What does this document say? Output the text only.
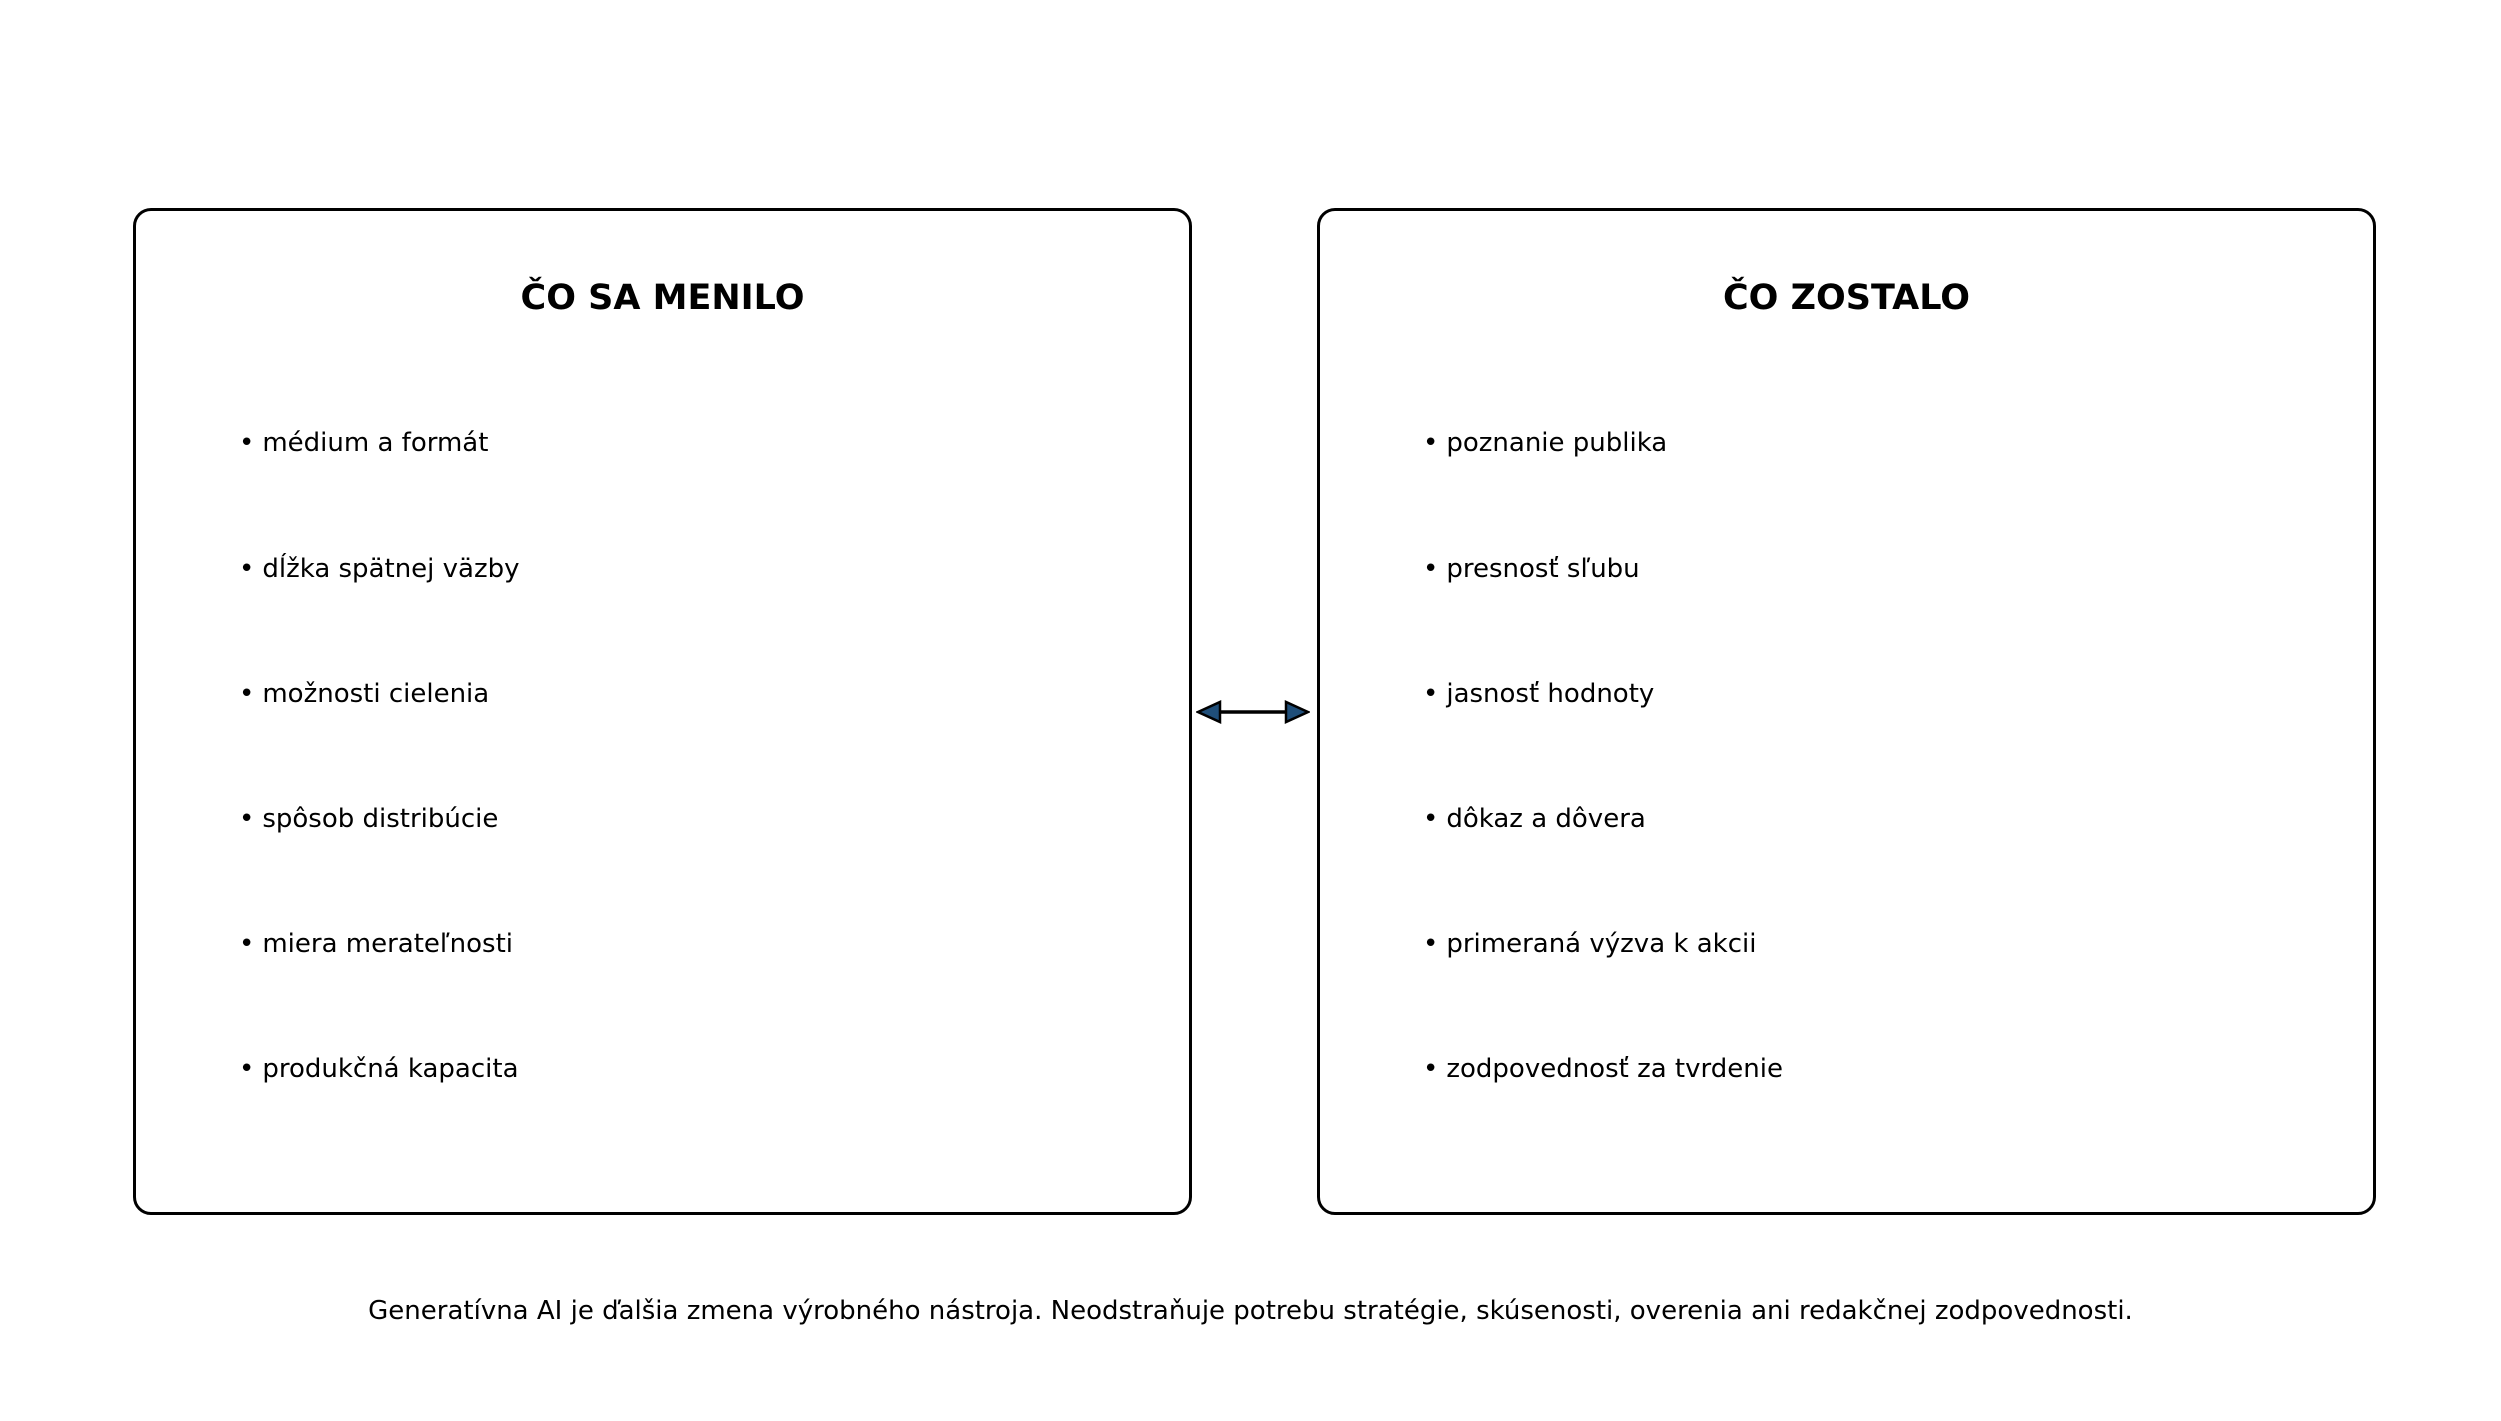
ČO SA MENILO
• médium a formát
• dĺžka spätnej väzby
• možnosti cielenia
• spôsob distribúcie
• miera merateľnosti
• produkčná kapacita
ČO ZOSTALO
• poznanie publika
• presnosť sľubu
• jasnosť hodnoty
• dôkaz a dôvera
• primeraná výzva k akcii
• zodpovednosť za tvrdenie
Generatívna AI je ďalšia zmena výrobného nástroja. Neodstraňuje potrebu stratégie, skúsenosti, overenia ani redakčnej zodpovednosti.
